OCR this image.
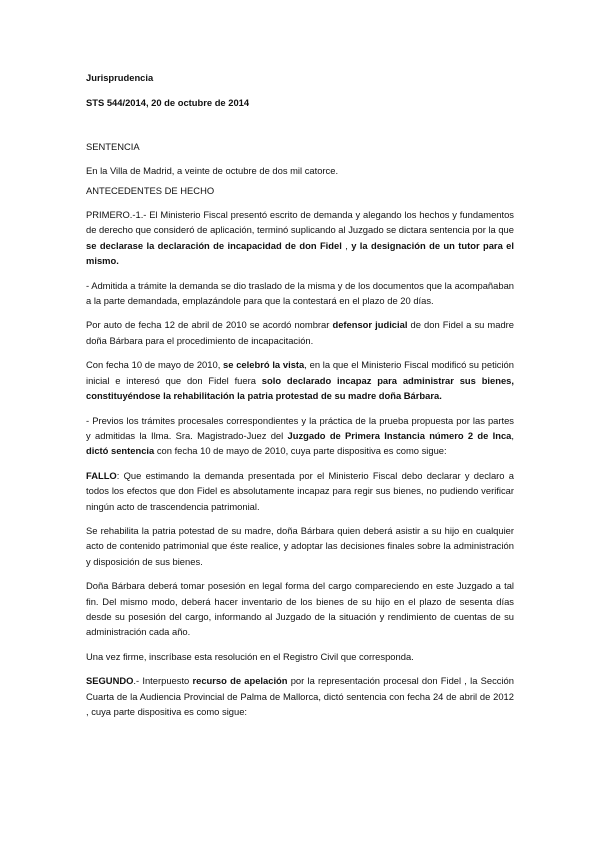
Jurisprudencia
STS 544/2014, 20 de octubre de 2014
SENTENCIA

En la Villa de Madrid, a veinte de octubre de dos mil catorce.

ANTECEDENTES DE HECHO

PRIMERO.-1.- El Ministerio Fiscal presentó escrito de demanda y alegando los hechos y fundamentos de derecho que consideró de aplicación, terminó suplicando al Juzgado se dictara sentencia por la que se declarase la declaración de incapacidad de don Fidel , y la designación de un tutor para el mismo.

- Admitida a trámite la demanda se dio traslado de la misma y de los documentos que la acompañaban a la parte demandada, emplazándole para que la contestará en el plazo de 20 días.

Por auto de fecha 12 de abril de 2010 se acordó nombrar defensor judicial de don Fidel a su madre doña Bárbara para el procedimiento de incapacitación.

Con fecha 10 de mayo de 2010, se celebró la vista, en la que el Ministerio Fiscal modificó su petición inicial e interesó que don Fidel fuera solo declarado incapaz para administrar sus bienes, constituyéndose la rehabilitación la patria protestad de su madre doña Bárbara.

- Previos los trámites procesales correspondientes y la práctica de la prueba propuesta por las partes y admitidas la Ilma. Sra. Magistrado-Juez del Juzgado de Primera Instancia número 2 de Inca, dictó sentencia con fecha 10 de mayo de 2010, cuya parte dispositiva es como sigue:

FALLO: Que estimando la demanda presentada por el Ministerio Fiscal debo declarar y declaro a todos los efectos que don Fidel es absolutamente incapaz para regir sus bienes, no pudiendo verificar ningún acto de trascendencia patrimonial.

Se rehabilita la patria potestad de su madre, doña Bárbara quien deberá asistir a su hijo en cualquier acto de contenido patrimonial que éste realice, y adoptar las decisiones finales sobre la administración y disposición de sus bienes.

Doña Bárbara deberá tomar posesión en legal forma del cargo compareciendo en este Juzgado a tal fin. Del mismo modo, deberá hacer inventario de los bienes de su hijo en el plazo de sesenta días desde su posesión del cargo, informando al Juzgado de la situación y rendimiento de cuentas de su administración cada año.

Una vez firme, inscríbase esta resolución en el Registro Civil que corresponda.

SEGUNDO.- Interpuesto recurso de apelación por la representación procesal don Fidel , la Sección Cuarta de la Audiencia Provincial de Palma de Mallorca, dictó sentencia con fecha 24 de abril de 2012 , cuya parte dispositiva es como sigue:
